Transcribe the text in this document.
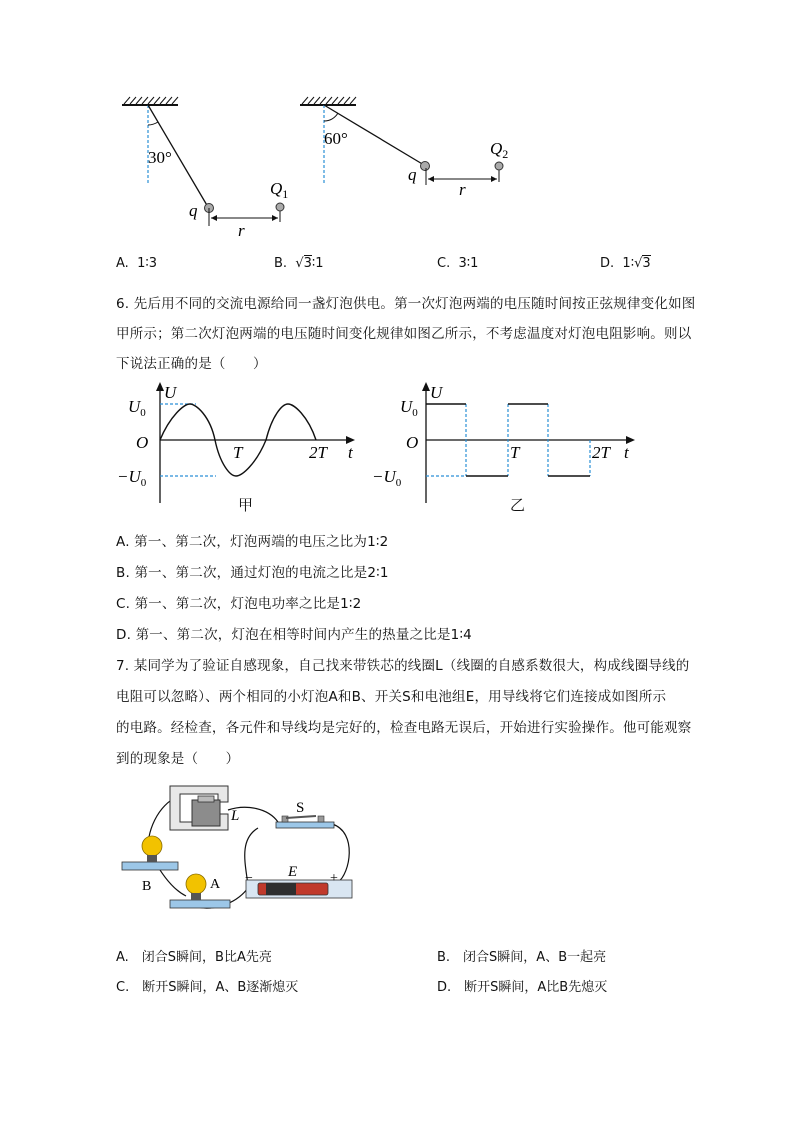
30°
q
$Q_1$
r
60°
q
$Q_2$
r
A. 1∶3	B. √3∶1	C. 3∶1	D. 1∶√3
6. 先后用不同的交流电源给同一盏灯泡供电。第一次灯泡两端的电压随时间按正弦规律变化如图
甲所示；第二次灯泡两端的电压随时间变化规律如图乙所示，不考虑温度对灯泡电阻影响。则以
下说法正确的是（　　）
U
t
$U_0$
$-U_0$
O
T	2T
甲
U
t
$U_0$
$-U_0$
O
T	2T
乙
A. 第一、第二次，灯泡两端的电压之比为1∶2
B. 第一、第二次，通过灯泡的电流之比是2∶1
C. 第一、第二次，灯泡电功率之比是1∶2
D. 第一、第二次，灯泡在相等时间内产生的热量之比是1∶4
7. 某同学为了验证自感现象，自己找来带铁芯的线圈L（线圈的自感系数很大，构成线圈导线的
电阻可以忽略）、两个相同的小灯泡A和B、开关S和电池组E，用导线将它们连接成如图所示
的电路。经检查，各元件和导线均是完好的，检查电路无误后，开始进行实验操作。他可能观察
到的现象是（　　）
L	S
B	A
E
−	+
A.　闭合S瞬间，B比A先亮	B.　闭合S瞬间，A、B一起亮
C.　断开S瞬间，A、B逐渐熄灭	D.　断开S瞬间，A比B先熄灭
